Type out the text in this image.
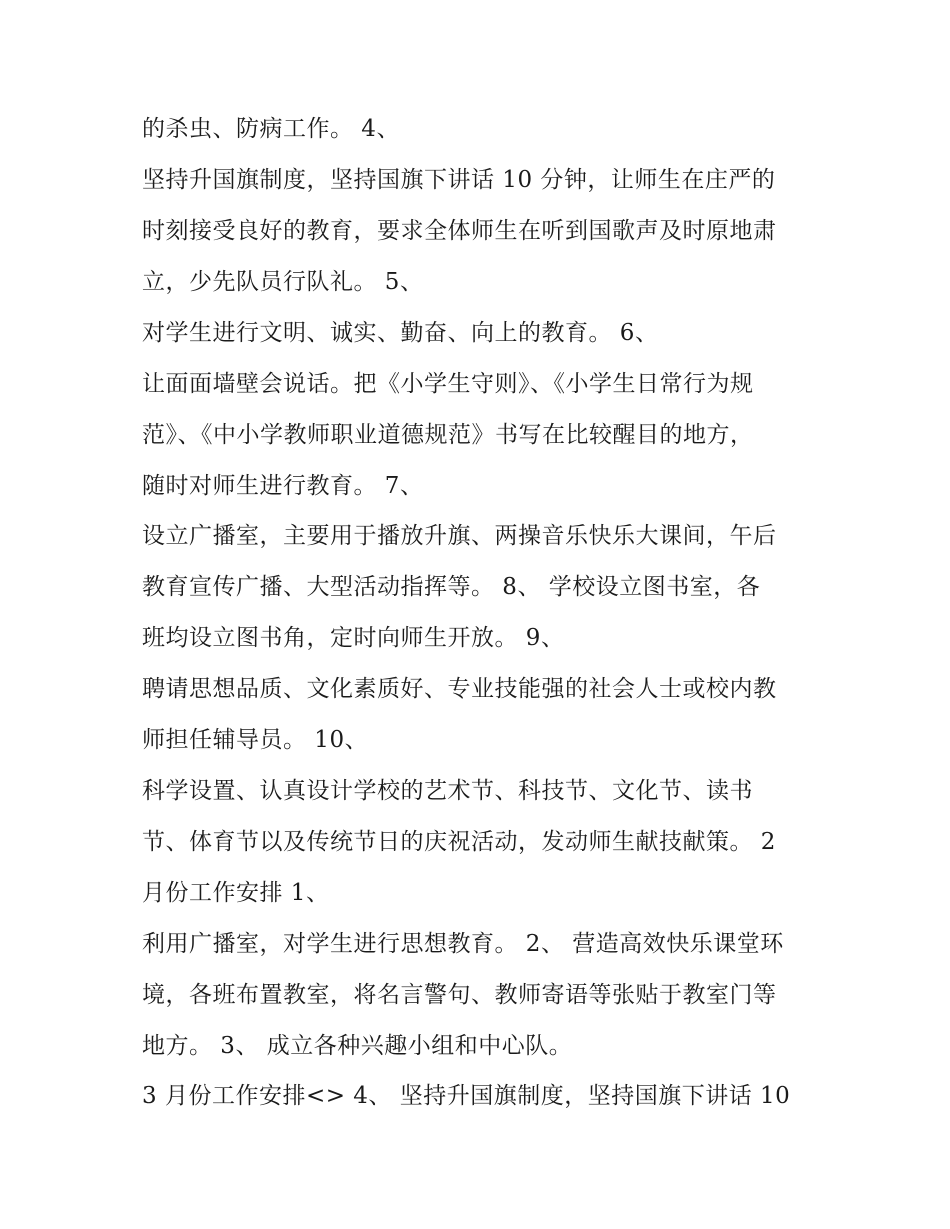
的杀虫、防病工作。 4、
坚持升国旗制度，坚持国旗下讲话 10 分钟，让师生在庄严的
时刻接受良好的教育，要求全体师生在听到国歌声及时原地肃
立，少先队员行队礼。 5、
对学生进行文明、诚实、勤奋、向上的教育。 6、
让面面墙壁会说话。把《小学生守则》、《小学生日常行为规
范》、《中小学教师职业道德规范》书写在比较醒目的地方，
随时对师生进行教育。 7、
设立广播室，主要用于播放升旗、两操音乐快乐大课间，午后
教育宣传广播、大型活动指挥等。 8、 学校设立图书室，各
班均设立图书角，定时向师生开放。 9、
聘请思想品质、文化素质好、专业技能强的社会人士或校内教
师担任辅导员。 10、
科学设置、认真设计学校的艺术节、科技节、文化节、读书
节、体育节以及传统节日的庆祝活动，发动师生献技献策。 2
月份工作安排 1、
利用广播室，对学生进行思想教育。 2、 营造高效快乐课堂环
境，各班布置教室，将名言警句、教师寄语等张贴于教室门等
地方。 3、 成立各种兴趣小组和中心队。
3 月份工作安排<> 4、 坚持升国旗制度，坚持国旗下讲话 10
